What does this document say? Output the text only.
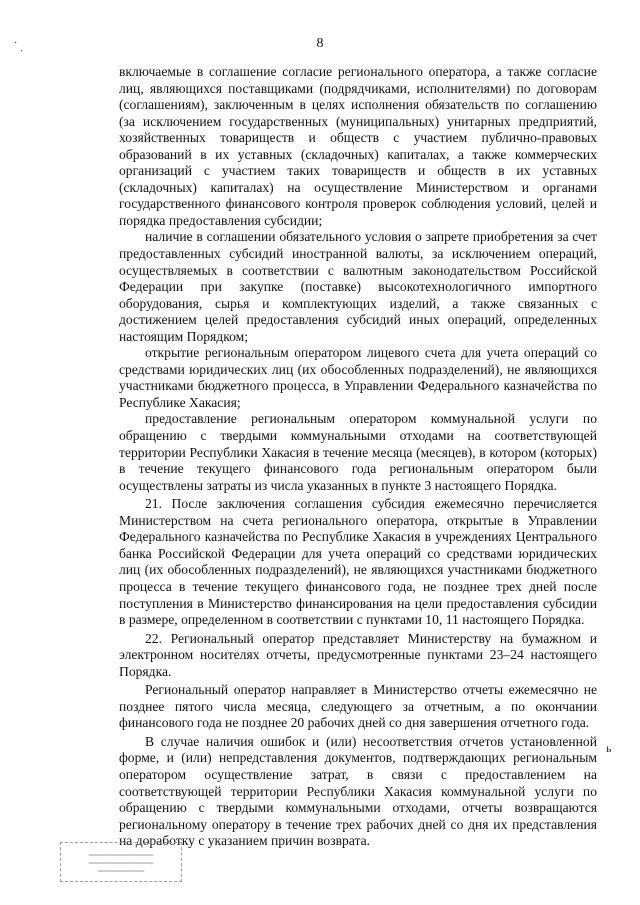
·
·
8

включаемые в соглашение согласие регионального оператора, а также согласие лиц, являющихся поставщиками (подрядчиками, исполнителями) по договорам (соглашениям), заключенным в целях исполнения обязательств по соглашению (за исключением государственных (муниципальных) унитарных предприятий, хозяйственных товариществ и обществ с участием публично-правовых образований в их уставных (складочных) капиталах, а также коммерческих организаций с участием таких товариществ и обществ в их уставных (складочных) капиталах) на осуществление Министерством и органами государственного финансового контроля проверок соблюдения условий, целей и порядка предоставления субсидии;

наличие в соглашении обязательного условия о запрете приобретения за счет предоставленных субсидий иностранной валюты, за исключением операций, осуществляемых в соответствии с валютным законодательством Российской Федерации при закупке (поставке) высокотехнологичного импортного оборудования, сырья и комплектующих изделий, а также связанных с достижением целей предоставления субсидий иных операций, определенных настоящим Порядком;

открытие региональным оператором лицевого счета для учета операций со средствами юридических лиц (их обособленных подразделений), не являющихся участниками бюджетного процесса, в Управлении Федерального казначейства по Республике Хакасия;

предоставление региональным оператором коммунальной услуги по обращению с твердыми коммунальными отходами на соответствующей территории Республики Хакасия в течение месяца (месяцев), в котором (которых) в течение текущего финансового года региональным оператором были осуществлены затраты из числа указанных в пункте 3 настоящего Порядка.

21. После заключения соглашения субсидия ежемесячно перечисляется Министерством на счета регионального оператора, открытые в Управлении Федерального казначейства по Республике Хакасия в учреждениях Центрального банка Российской Федерации для учета операций со средствами юридических лиц (их обособленных подразделений), не являющихся участниками бюджетного процесса в течение текущего финансового года, не позднее трех дней после поступления в Министерство финансирования на цели предоставления субсидии в размере, определенном в соответствии с пунктами 10, 11 настоящего Порядка.

22. Региональный оператор представляет Министерству на бумажном и электронном носителях отчеты, предусмотренные пунктами 23–24 настоящего Порядка.

Региональный оператор направляет в Министерство отчеты ежемесячно не позднее пятого числа месяца, следующего за отчетным, а по окончании финансового года не позднее 20 рабочих дней со дня завершения отчетного года.

В случае наличия ошибок и (или) несоответствия отчетов установленной форме, и (или) непредставления документов, подтверждающих региональным оператором осуществление затрат, в связи с предоставлением на соответствующей территории Республики Хакасия коммунальной услуги по обращению с твердыми коммунальными отходами, отчеты возвращаются региональному оператору в течение трех рабочих дней со дня их представления на доработку с указанием причин возврата.

ь
▁▁▁▁▁▁▁▁▁▁▁▁▁▁
▁▁▁▁▁▁▁▁▁▁▁▁▁▁
▁▁▁▁▁▁▁▁▁▁
